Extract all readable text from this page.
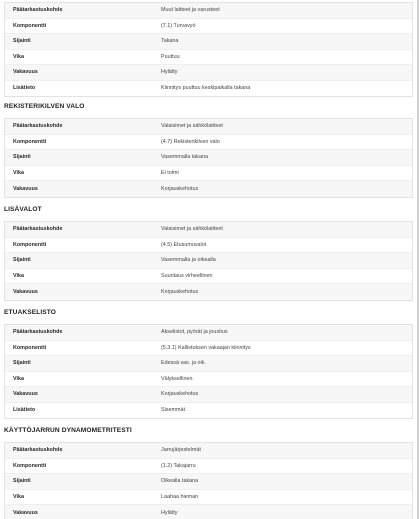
Päätarkastuskohde	Muut laitteet ja varusteet
Komponentti	(7.1) Turvavyö
Sijainti	Takana
Vika	Puuttuu
Vakavuus	Hylätty
Lisätieto	Kiinnitys puuttuu keskipaikalla takana
REKISTERIKILVEN VALO
Päätarkastuskohde	Valaisimet ja sähkölaitteet
Komponentti	(4.7) Rekisterikilven valo
Sijainti	Vasemmalla takana
Vika	Ei toimi
Vakavuus	Korjauskehotus
LISÄVALOT
Päätarkastuskohde	Valaisimet ja sähkölaitteet
Komponentti	(4.5) Etusumuvalot
Sijainti	Vasemmalla ja oikealla
Vika	Suuntaus virheellinen
Vakavuus	Korjauskehotus
ETUAKSELISTO
Päätarkastuskohde	Akselistot, pyörät ja jousitus
Komponentti	(5.3.1) Kallistuksen vakaajan kiinnitys
Sijainti	Edessä vas. ja oik.
Vika	Välyksellinen
Vakavuus	Korjauskehotus
Lisätieto	Sisemmät
KÄYTTÖJARRUN DYNAMOMETRITESTI
Päätarkastuskohde	Jarrujärjestelmät
Komponentti	(1.2) Takajarru
Sijainti	Oikealla takana
Vika	Laahaa hieman
Vakavuus	Hylätty
